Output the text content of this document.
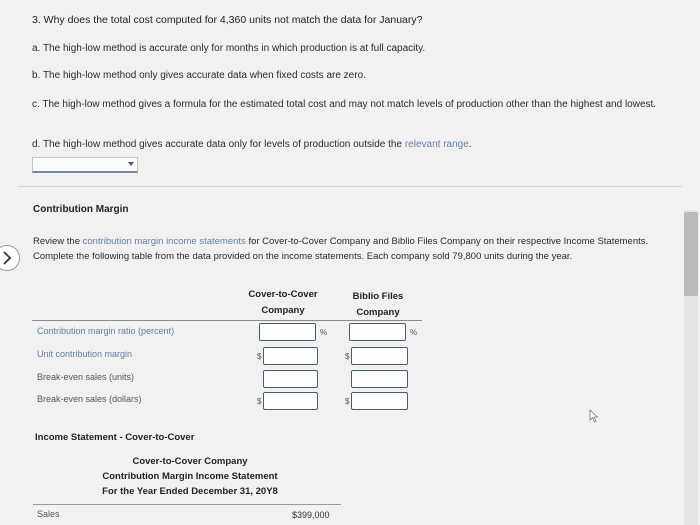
3. Why does the total cost computed for 4,360 units not match the data for January?
a. The high-low method is accurate only for months in which production is at full capacity.
b. The high-low method only gives accurate data when fixed costs are zero.
c. The high-low method gives a formula for the estimated total cost and may not match levels of production other than the highest and lowest.
d. The high-low method gives accurate data only for levels of production outside the relevant range.
Contribution Margin
Review the contribution margin income statements for Cover-to-Cover Company and Biblio Files Company on their respective Income Statements. Complete the following table from the data provided on the income statements. Each company sold 79,800 units during the year.
Cover-to-Cover
Company
Biblio Files
Company
Contribution margin ratio (percent)	%	%
Unit contribution margin	$	$
Break-even sales (units)
Break-even sales (dollars)	$	$
Income Statement - Cover-to-Cover
Cover-to-Cover Company
Contribution Margin Income Statement
For the Year Ended December 31, 20Y8
Sales	$399,000
